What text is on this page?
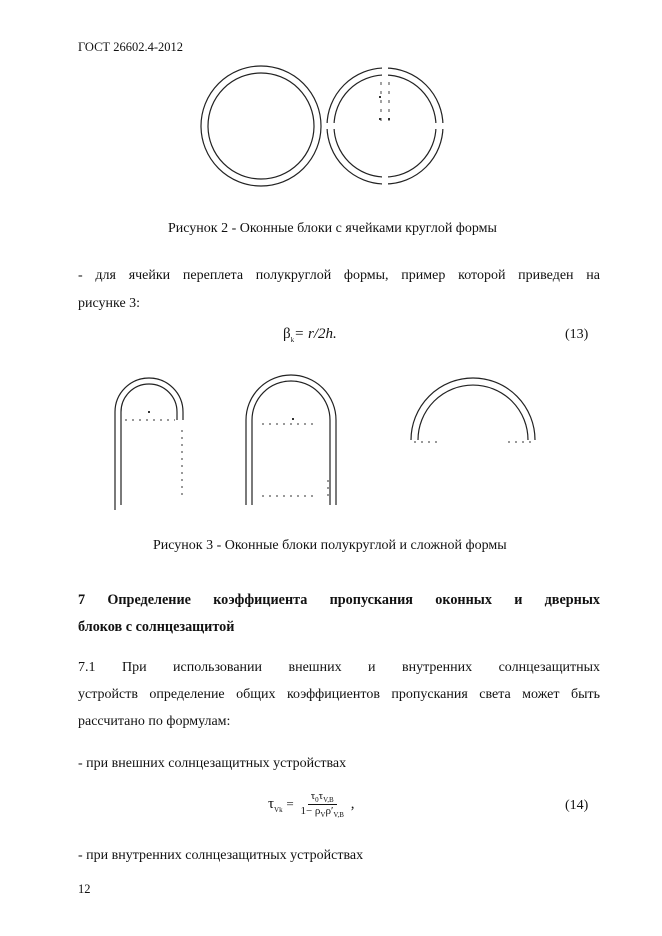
ГОСТ 26602.4-2012
Рисунок 2 - Оконные блоки с ячейками круглой формы
- для ячейки переплета полукруглой формы, пример которой приведен на
рисунке 3:
$\beta_k= r/2h$.	(13)
Рисунок 3 - Оконные блоки полукруглой и сложной формы
7 Определение коэффициента пропускания оконных и дверных
блоков с солнцезащитой
7.1 При использовании внешних и внутренних солнцезащитных
устройств определение общих коэффициентов пропускания света может быть
рассчитано по формулам:
- при внешних солнцезащитных устройствах
$\tau_{Vk} = \frac{\tau_0\tau_{V,B}}{1- \rho_V\rho'_{V,B}}$ ,	(14)
- при внутренних солнцезащитных устройствах
12
